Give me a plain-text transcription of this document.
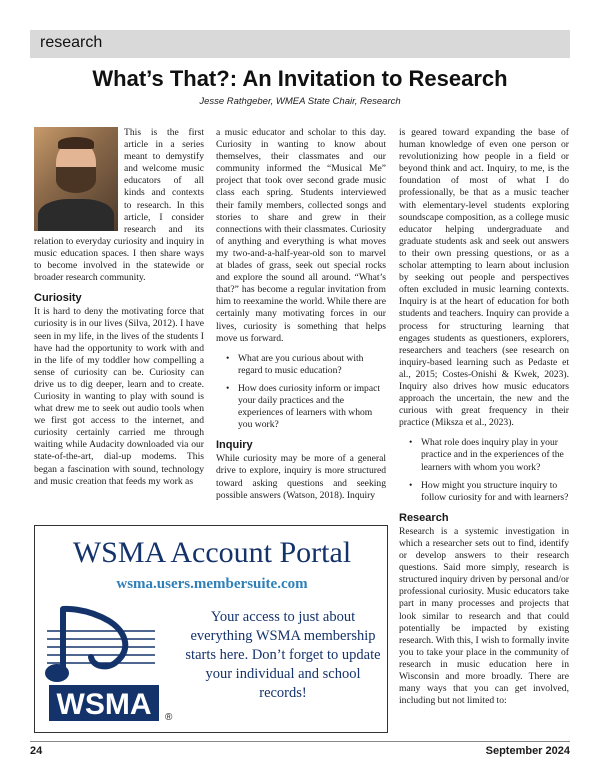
research
What’s That?: An Invitation to Research
Jesse Rathgeber, WMEA State Chair, Research

This is the first article in a series meant to demystify and welcome music educators of all kinds and contexts to research. In this article, I consider research and its relation to everyday curiosity and inquiry in music education spaces. I then share ways to become involved in the statewide or broader research community.

Curiosity

It is hard to deny the motivating force that curiosity is in our lives (Silva, 2012). I have seen in my life, in the lives of the students I have had the opportunity to work with and in the life of my toddler how compelling a sense of curiosity can be. Curiosity can drive us to dig deeper, learn and to create. Curiosity in wanting to play with sound is what drew me to seek out audio tools when we first got access to the internet, and curiosity certainly carried me through waiting while Audacity downloaded via our state-of-the-art, dial-up modems. This began a fascination with sound, technology and music creation that feeds my work as

a music educator and scholar to this day. Curiosity in wanting to know about themselves, their classmates and our community informed the “Musical Me” project that took over second grade music class each spring. Students interviewed their family members, collected songs and stories to share and grew in their connections with their classmates. Curiosity of anything and everything is what moves my two-and-a-half-year-old son to marvel at blades of grass, seek out special rocks and explore the sound all around. “What’s that?” has become a regular invitation from him to reexamine the world. While there are certainly many motivating forces in our lives, curiosity is something that helps move us forward.

• What are you curious about with regard to music education?
• How does curiosity inform or impact your daily practices and the experiences of learners with whom you work?
Inquiry

While curiosity may be more of a general drive to explore, inquiry is more structured toward asking questions and seeking possible answers (Watson, 2018). Inquiry

is geared toward expanding the base of human knowledge of even one person or revolutionizing how people in a field or beyond think and act. Inquiry, to me, is the foundation of most of what I do professionally, be that as a music teacher with elementary-level students exploring soundscape composition, as a college music educator helping undergraduate and graduate students ask and seek out answers to their own pressing questions, or as a scholar attempting to learn about inclusion by seeking out people and perspectives often excluded in music learning contexts. Inquiry is at the heart of education for both students and teachers. Inquiry can provide a process for structuring learning that engages students as questioners, explorers, researchers and teachers (see research on inquiry-based learning such as Pedaste et al., 2015; Costes-Onishi & Kwek, 2023). Inquiry also drives how music educators approach the uncertain, the new and the curious with great frequency in their practice (Mikszа et al., 2023).

• What role does inquiry play in your practice and in the experiences of the learners with whom you work?
• How might you structure inquiry to follow curiosity for and with learners?
Research

Research is a systemic investigation in which a researcher sets out to find, identify or develop answers to their research questions. Said more simply, research is structured inquiry driven by personal and/or professional curiosity. Music educators take part in many processes and projects that look similar to research and that could potentially be impacted by existing research. With this, I wish to formally invite you to take your place in the community of research in music education here in Wisconsin and more broadly. There are many ways that you can get involved, including but not limited to:

WSMA Account Portal
wsma.users.membersuite.com
WSMA ®
Your access to just about everything WSMA membership starts here. Don’t forget to update your individual and school records!
24	September 2024
